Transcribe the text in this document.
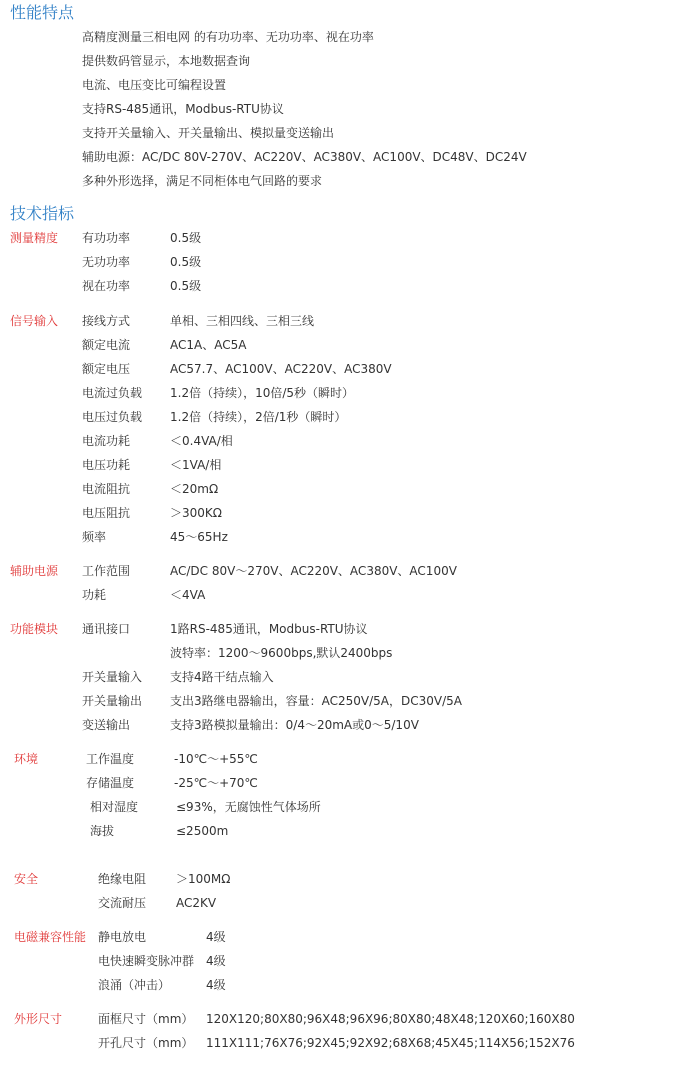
性能特点
高精度测量三相电网 的有功功率、无功功率、视在功率
提供数码管显示，本地数据查询
电流、电压变比可编程设置
支持RS-485通讯，Modbus-RTU协议
支持开关量输入、开关量输出、模拟量变送输出
辅助电源：AC/DC 80V-270V、AC220V、AC380V、AC100V、DC48V、DC24V
多种外形选择，满足不同柜体电气回路的要求
技术指标
测量精度 有功功率	0.5级
无功功率	0.5级
视在功率	0.5级
信号输入 接线方式	单相、三相四线、三相三线
额定电流	AC1A、AC5A
额定电压	AC57.7、AC100V、AC220V、AC380V
电流过负载 1.2倍（持续），10倍/5秒（瞬时）
电压过负载 1.2倍（持续），2倍/1秒（瞬时）
电流功耗	＜0.4VA/相
电压功耗	＜1VA/相
电流阻抗	＜20mΩ
电压阻抗	＞300KΩ
频率	45～65Hz
辅助电源 工作范围	AC/DC 80V～270V、AC220V、AC380V、AC100V
功耗	＜4VA
功能模块 通讯接口	1路RS-485通讯，Modbus-RTU协议
波特率：1200～9600bps,默认2400bps
开关量输入 支持4路干结点输入
开关量输出 支出3路继电器输出，容量：AC250V/5A，DC30V/5A
变送输出	支持3路模拟量输出：0/4～20mA或0～5/10V
环境	工作温度	-10℃～+55℃
存储温度	-25℃～+70℃
相对湿度	≤93%，无腐蚀性气体场所
海拔	≤2500m
安全	绝缘电阻 ＞100MΩ
交流耐压 AC2KV
电磁兼容性能 静电放电	4级
电快速瞬变脉冲群 4级
浪涌（冲击）	4级
外形尺寸	面框尺寸（mm） 120X120;80X80;96X48;96X96;80X80;48X48;120X60;160X80
开孔尺寸（mm） 111X111;76X76;92X45;92X92;68X68;45X45;114X56;152X76
